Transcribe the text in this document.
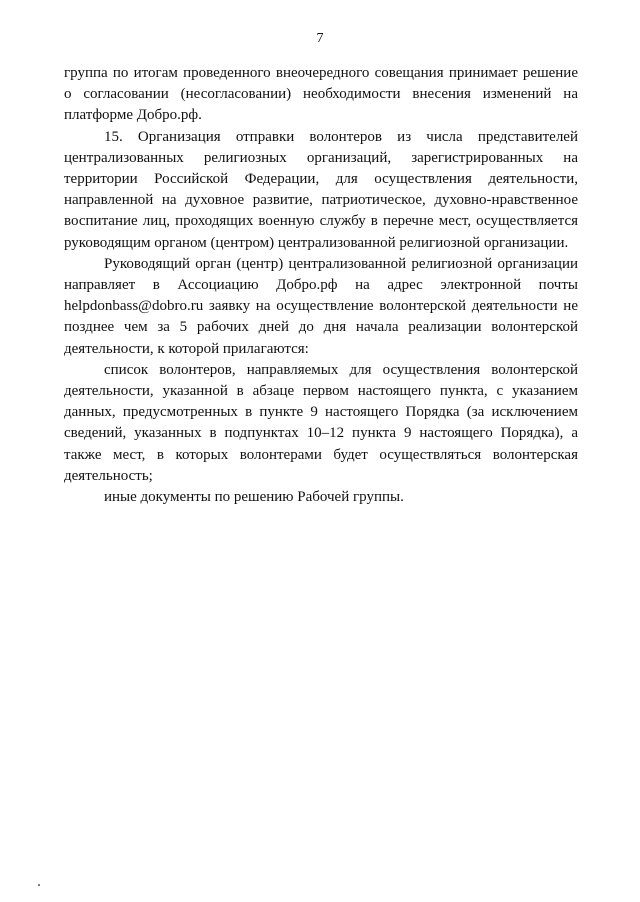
7

группа по итогам проведенного внеочередного совещания принимает решение о согласовании (несогласовании) необходимости внесения изменений на платформе Добро.рф.

15. Организация отправки волонтеров из числа представителей централизованных религиозных организаций, зарегистрированных на территории Российской Федерации, для осуществления деятельности, направленной на духовное развитие, патриотическое, духовно-нравственное воспитание лиц, проходящих военную службу в перечне мест, осуществляется руководящим органом (центром) централизованной религиозной организации.

Руководящий орган (центр) централизованной религиозной организации направляет в Ассоциацию Добро.рф на адрес электронной почты helpdonbass@dobro.ru заявку на осуществление волонтерской деятельности не позднее чем за 5 рабочих дней до дня начала реализации волонтерской деятельности, к которой прилагаются:

список волонтеров, направляемых для осуществления волонтерской деятельности, указанной в абзаце первом настоящего пункта, с указанием данных, предусмотренных в пункте 9 настоящего Порядка (за исключением сведений, указанных в подпунктах 10–12 пункта 9 настоящего Порядка), а также мест, в которых волонтерами будет осуществляться волонтерская деятельность;

иные документы по решению Рабочей группы.
